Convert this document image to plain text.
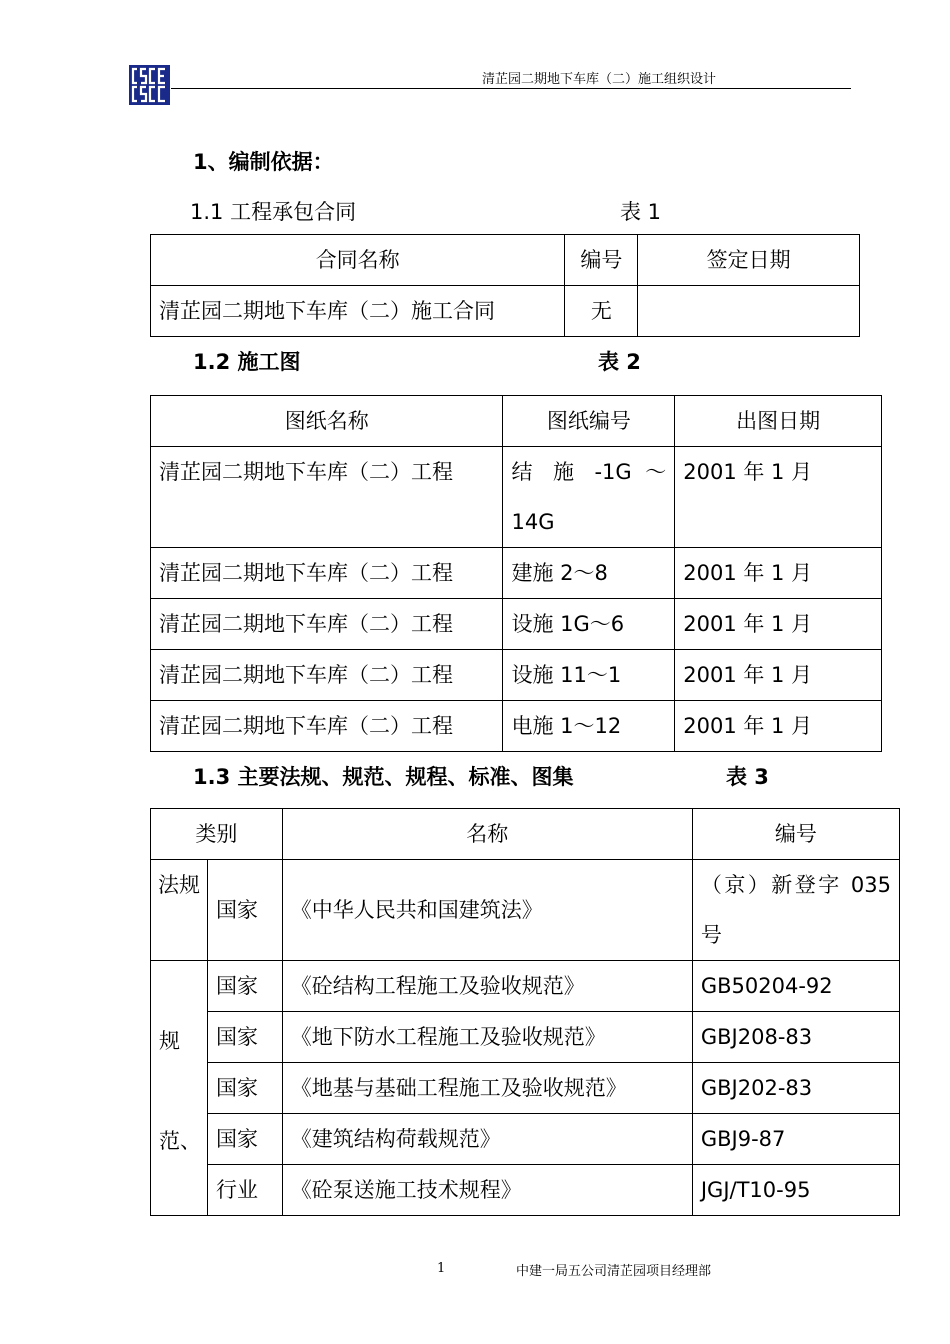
清芷园二期地下车库（二）施工组织设计
1、编制依据：
1.1 工程承包合同	表 1
合同名称	编号	签定日期
清芷园二期地下车库（二）施工合同	无	
1.2 施工图	表 2
图纸名称	图纸编号	出图日期
清芷园二期地下车库（二）工程	结 施 -1G ～ 14G	2001 年 1 月
清芷园二期地下车库（二）工程	建施 2～8	2001 年 1 月
清芷园二期地下车库（二）工程	设施 1G～6	2001 年 1 月
清芷园二期地下车库（二）工程	设施 11～1	2001 年 1 月
清芷园二期地下车库（二）工程	电施 1～12	2001 年 1 月
1.3 主要法规、规范、规程、标准、图集	表 3
类别		名称	编号
法规	国家	《中华人民共和国建筑法》	（京）新登字 035 号
规范、	国家	《砼结构工程施工及验收规范》	GB50204-92
	国家	《地下防水工程施工及验收规范》	GBJ208-83
	国家	《地基与基础工程施工及验收规范》	GBJ202-83
	国家	《建筑结构荷载规范》	GBJ9-87
	行业	《砼泵送施工技术规程》	JGJ/T10-95
1	中建一局五公司清芷园项目经理部
